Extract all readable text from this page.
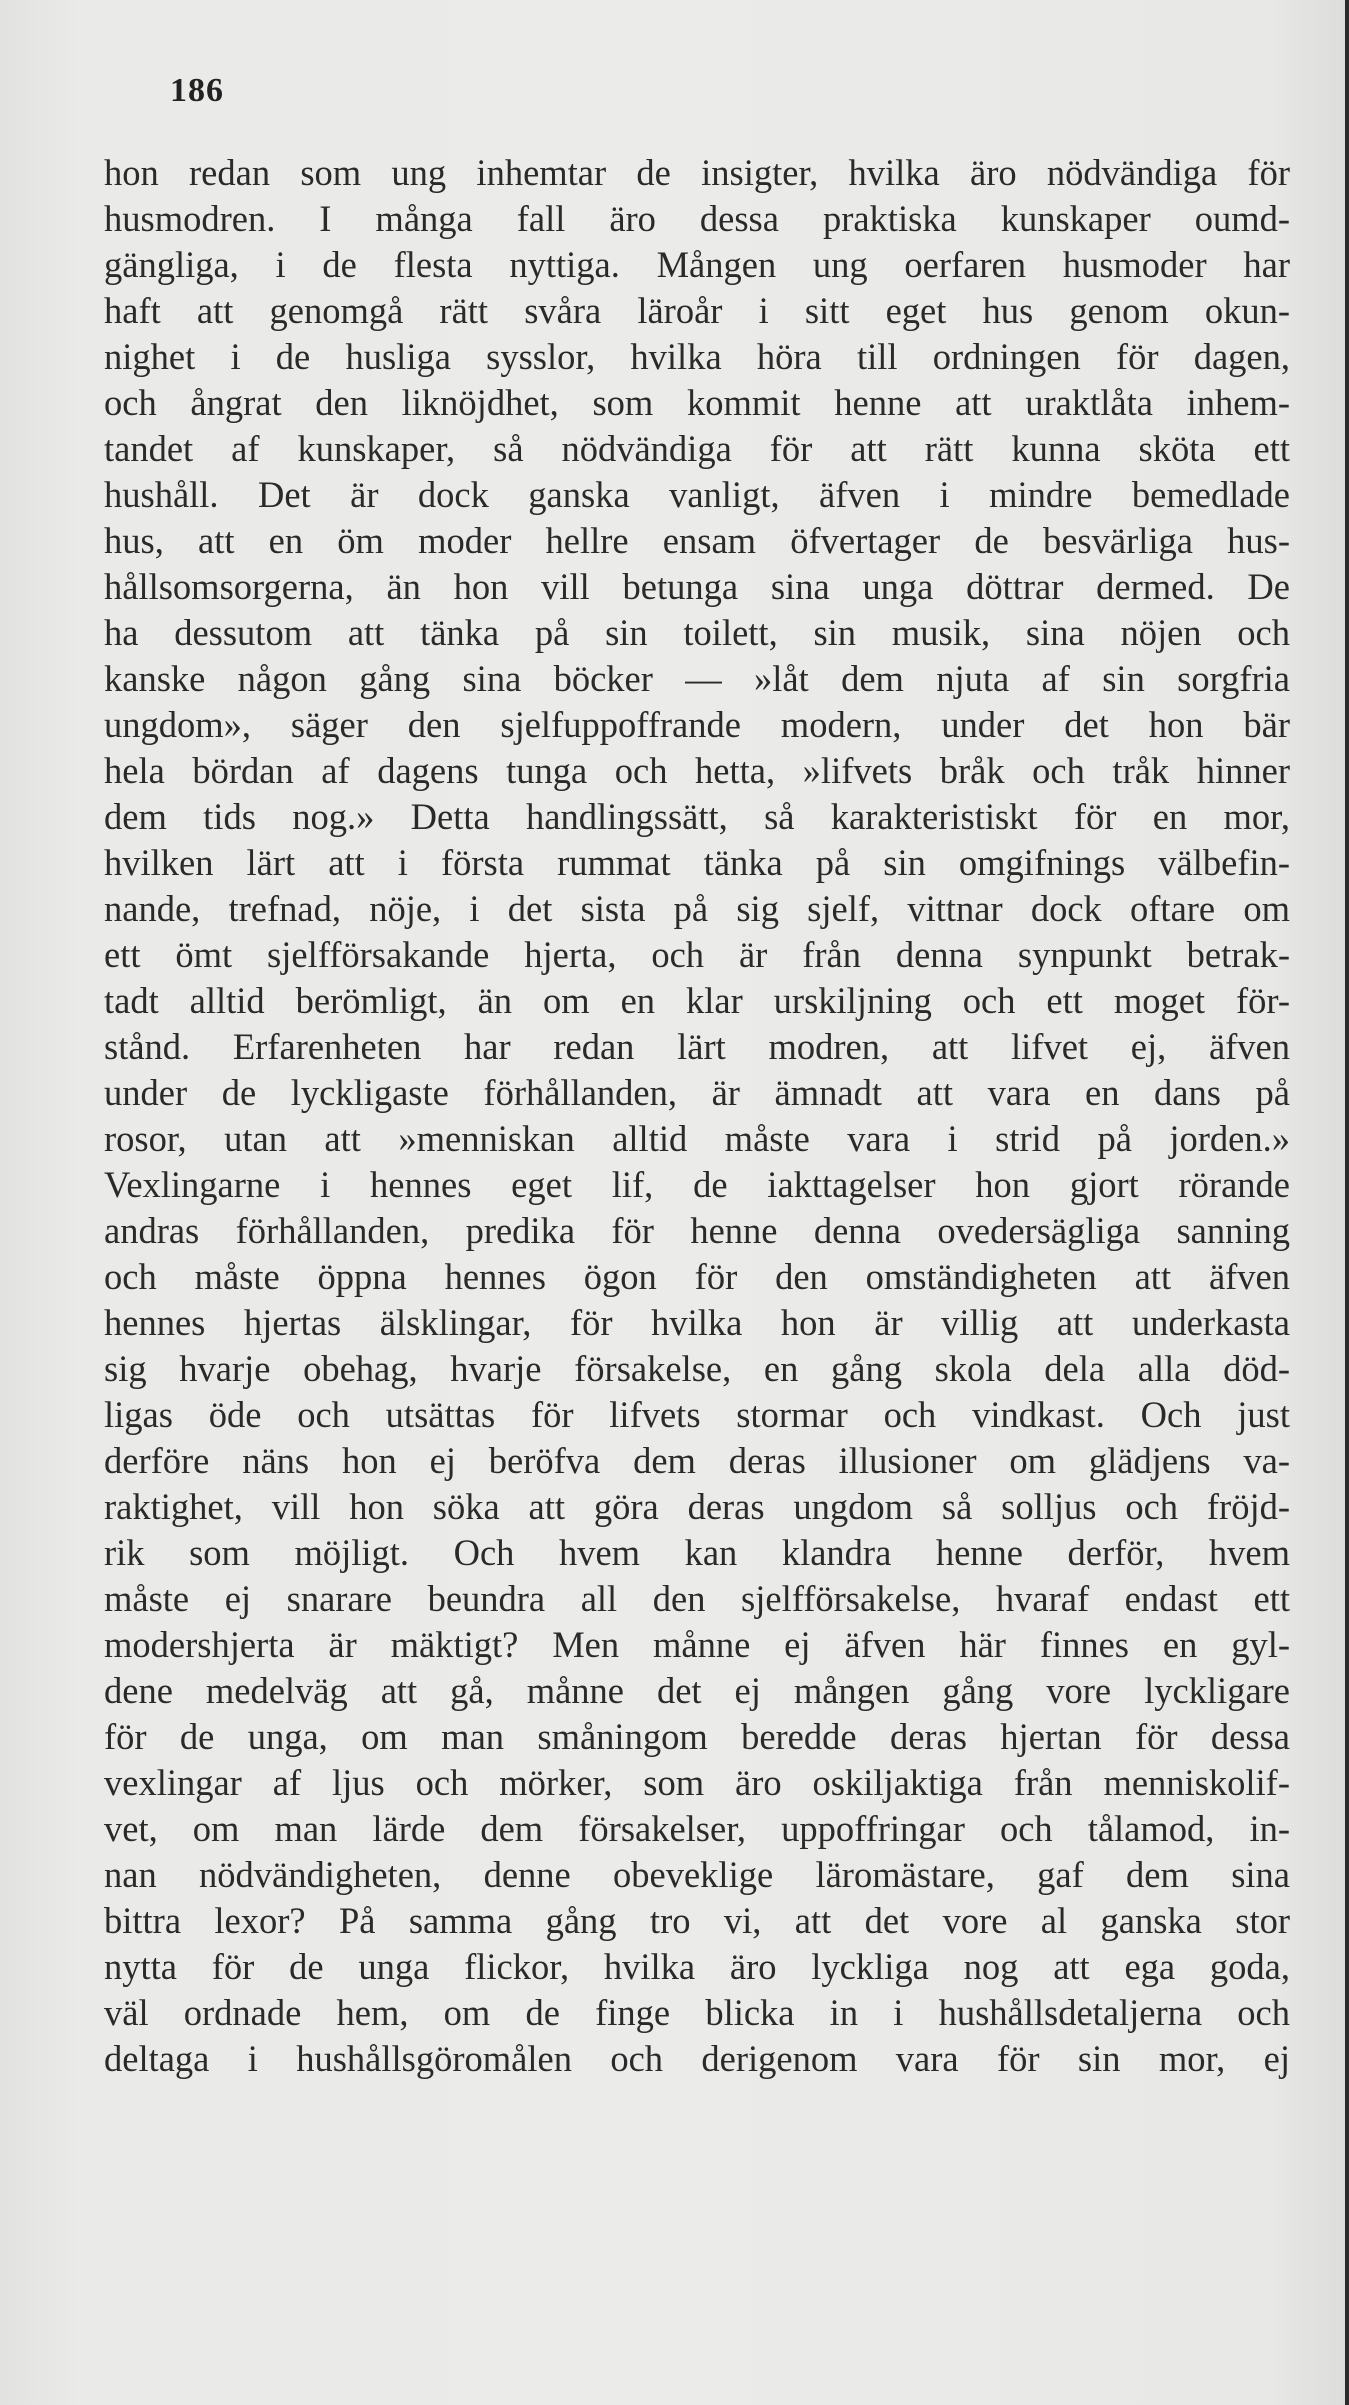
186
hon redan som ung inhemtar de insigter, hvilka äro nödvändiga för
husmodren. I många fall äro dessa praktiska kunskaper oumd-
gängliga, i de flesta nyttiga. Mången ung oerfaren husmoder har
haft att genomgå rätt svåra läroår i sitt eget hus genom okun-
nighet i de husliga sysslor, hvilka höra till ordningen för dagen,
och ångrat den liknöjdhet, som kommit henne att uraktlåta inhem-
tandet af kunskaper, så nödvändiga för att rätt kunna sköta ett
hushåll. Det är dock ganska vanligt, äfven i mindre bemedlade
hus, att en öm moder hellre ensam öfvertager de besvärliga hus-
hållsomsorgerna, än hon vill betunga sina unga döttrar dermed. De
ha dessutom att tänka på sin toilett, sin musik, sina nöjen och
kanske någon gång sina böcker — »låt dem njuta af sin sorgfria
ungdom», säger den sjelfuppoffrande modern, under det hon bär
hela bördan af dagens tunga och hetta, »lifvets bråk och tråk hinner
dem tids nog.» Detta handlingssätt, så karakteristiskt för en mor,
hvilken lärt att i första rummat tänka på sin omgifnings välbefin-
nande, trefnad, nöje, i det sista på sig sjelf, vittnar dock oftare om
ett ömt sjelfförsakande hjerta, och är från denna synpunkt betrak-
tadt alltid berömligt, än om en klar urskiljning och ett moget för-
stånd. Erfarenheten har redan lärt modren, att lifvet ej, äfven
under de lyckligaste förhållanden, är ämnadt att vara en dans på
rosor, utan att »menniskan alltid måste vara i strid på jorden.»
Vexlingarne i hennes eget lif, de iakttagelser hon gjort rörande
andras förhållanden, predika för henne denna ovedersägliga sanning
och måste öppna hennes ögon för den omständigheten att äfven
hennes hjertas älsklingar, för hvilka hon är villig att underkasta
sig hvarje obehag, hvarje försakelse, en gång skola dela alla död-
ligas öde och utsättas för lifvets stormar och vindkast. Och just
derföre näns hon ej beröfva dem deras illusioner om glädjens va-
raktighet, vill hon söka att göra deras ungdom så solljus och fröjd-
rik som möjligt. Och hvem kan klandra henne derför, hvem
måste ej snarare beundra all den sjelfförsakelse, hvaraf endast ett
modershjerta är mäktigt? Men månne ej äfven här finnes en gyl-
dene medelväg att gå, månne det ej mången gång vore lyckligare
för de unga, om man småningom beredde deras hjertan för dessa
vexlingar af ljus och mörker, som äro oskiljaktiga från menniskolif-
vet, om man lärde dem försakelser, uppoffringar och tålamod, in-
nan nödvändigheten, denne obeveklige läromästare, gaf dem sina
bittra lexor? På samma gång tro vi, att det vore al ganska stor
nytta för de unga flickor, hvilka äro lyckliga nog att ega goda,
väl ordnade hem, om de finge blicka in i hushållsdetaljerna och
deltaga i hushållsgöromålen och derigenom vara för sin mor, ej
